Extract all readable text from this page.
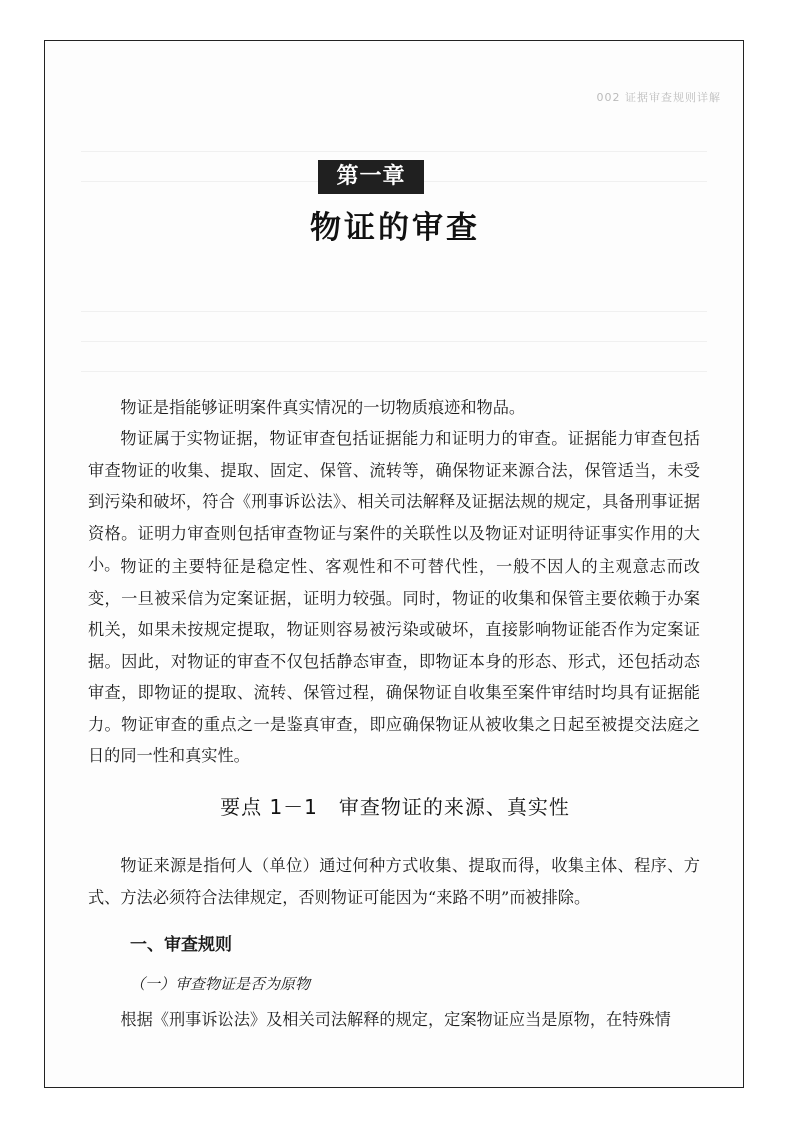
002 证据审查规则详解
第一章
物证的审查

物证是指能够证明案件真实情况的一切物质痕迹和物品。

物证属于实物证据，物证审查包括证据能力和证明力的审查。证据能力审查包括审查物证的收集、提取、固定、保管、流转等，确保物证来源合法，保管适当，未受到污染和破坏，符合《刑事诉讼法》、相关司法解释及证据法规的规定，具备刑事证据资格。证明力审查则包括审查物证与案件的关联性以及物证对证明待证事实作用的大小。 物证的主要特征是稳定性、客观性和不可替代性，一般不因人的主观意志而改变，一旦被采信为定案证据，证明力较强。同时，物证的收集和保管主要依赖于办案机关，如果未按规定提取，物证则容易被污染或破坏，直接影响物证能否作为定案证据。因此，对物证的审查不仅包括静态审查，即物证本身的形态、形式，还包括动态审查，即物证的提取、流转、保管过程，确保物证自收集至案件审结时均具有证据能力。物证审查的重点之一是鉴真审查，即应确保物证从被收集之日起至被提交法庭之日的同一性和真实性。

要点 1－1　审查物证的来源、真实性

物证来源是指何人（单位）通过何种方式收集、提取而得，收集主体、程序、方式、方法必须符合法律规定，否则物证可能因为“来路不明”而被排除。

一、审查规则
（一）审查物证是否为原物

根据《刑事诉讼法》及相关司法解释的规定，定案物证应当是原物，在特殊情
